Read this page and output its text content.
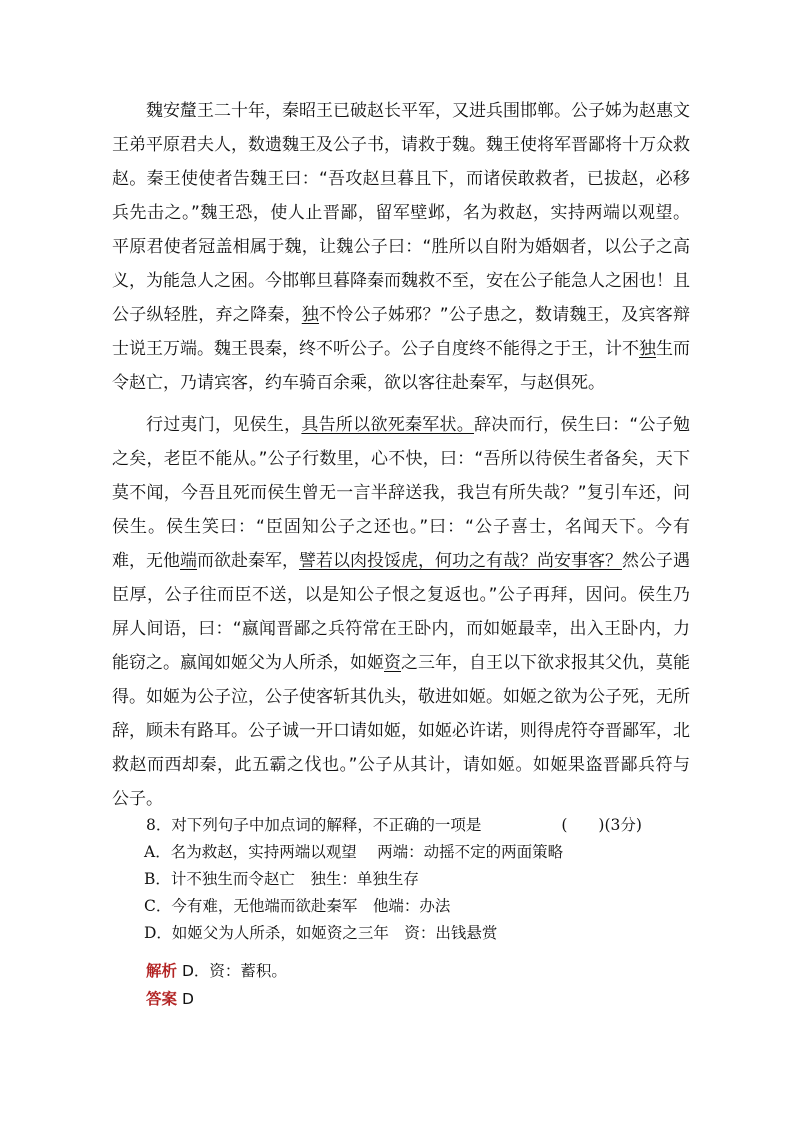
魏安釐王二十年，秦昭王已破赵长平军，又进兵围邯郸。公子姊为赵惠文王弟平原君夫人，数遗魏王及公子书，请救于魏。魏王使将军晋鄙将十万众救赵。秦王使使者告魏王曰：“吾攻赵旦暮且下，而诸侯敢救者，已拔赵，必移兵先击之。”魏王恐，使人止晋鄙，留军壁邺，名为救赵，实持两端以观望。平原君使者冠盖相属于魏，让魏公子曰：“胜所以自附为婚姻者，以公子之高义，为能急人之困。今邯郸旦暮降秦而魏救不至，安在公子能急人之困也！且公子纵轻胜，弃之降秦，独不怜公子姊邪？”公子患之，数请魏王，及宾客辩士说王万端。魏王畏秦，终不听公子。公子自度终不能得之于王，计不独生而令赵亡，乃请宾客，约车骑百余乘，欲以客往赴秦军，与赵俱死。

行过夷门，见侯生，具告所以欲死秦军状。辞决而行，侯生曰：“公子勉之矣，老臣不能从。”公子行数里，心不快，曰：“吾所以待侯生者备矣，天下莫不闻，今吾且死而侯生曾无一言半辞送我，我岂有所失哉？”复引车还，问侯生。侯生笑曰：“臣固知公子之还也。”曰：“公子喜士，名闻天下。今有难，无他端而欲赴秦军，譬若以肉投馁虎，何功之有哉？尚安事客？然公子遇臣厚，公子往而臣不送，以是知公子恨之复返也。”公子再拜，因问。侯生乃屏人间语，曰：“嬴闻晋鄙之兵符常在王卧内，而如姬最幸，出入王卧内，力能窃之。嬴闻如姬父为人所杀，如姬资之三年，自王以下欲求报其父仇，莫能得。如姬为公子泣，公子使客斩其仇头，敬进如姬。如姬之欲为公子死，无所辞，顾未有路耳。公子诚一开口请如姬，如姬必许诺，则得虎符夺晋鄙军，北救赵而西却秦，此五霸之伐也。”公子从其计，请如姬。如姬果盗晋鄙兵符与公子。

8．对下列句子中加点词的解释，不正确的一项是	(　　)(3分)
A．名为救赵，实持两端以观望　 两端：动摇不定的两面策略
B．计不独生而令赵亡　独生：单独生存
C．今有难，无他端而欲赴秦军　他端：办法
D．如姬父为人所杀，如姬资之三年　资：出钱悬赏
解析 D．资：蓄积。
答案 D
